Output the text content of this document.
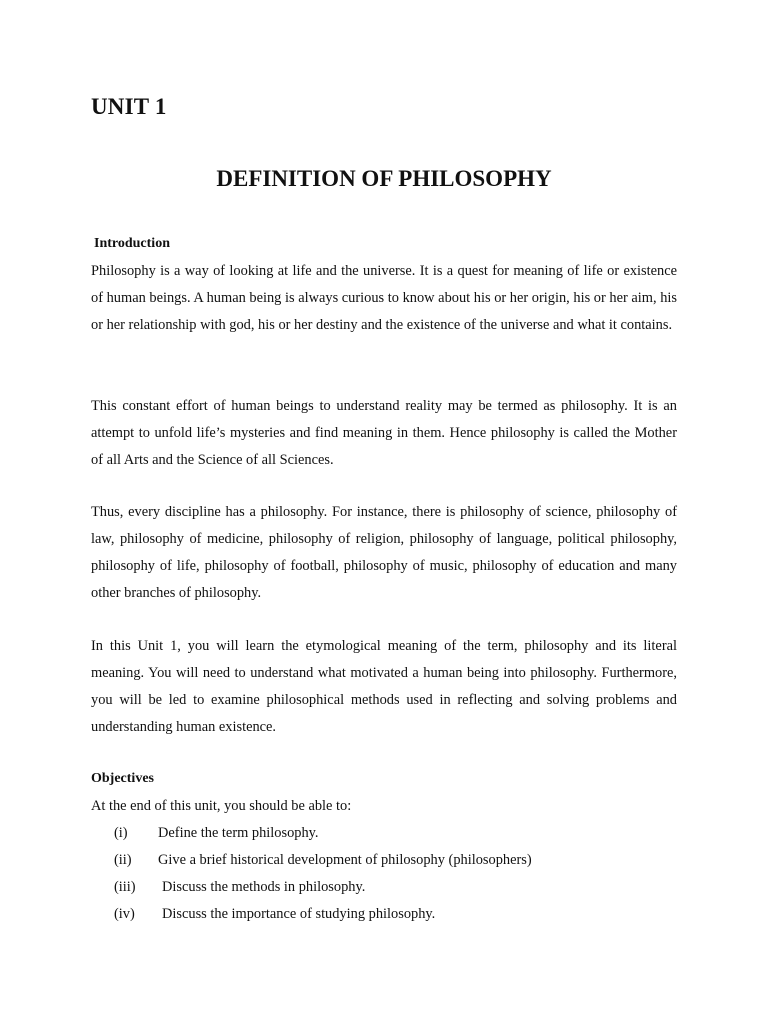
UNIT 1
DEFINITION OF PHILOSOPHY
Introduction

Philosophy is a way of looking at life and the universe. It is a quest for meaning of life or existence of human beings. A human being is always curious to know about his or her origin, his or her aim, his or her relationship with god, his or her destiny and the existence of the universe and what it contains.

This constant effort of human beings to understand reality may be termed as philosophy. It is an attempt to unfold life’s mysteries and find meaning in them. Hence philosophy is called the Mother of all Arts and the Science of all Sciences.

Thus, every discipline has a philosophy. For instance, there is philosophy of science, philosophy of law, philosophy of medicine, philosophy of religion, philosophy of language, political philosophy, philosophy of life, philosophy of football, philosophy of music, philosophy of education and many other branches of philosophy.

In this Unit 1, you will learn the etymological meaning of the term, philosophy and its literal meaning. You will need to understand what motivated a human being into philosophy. Furthermore, you will be led to examine philosophical methods used in reflecting and solving problems and understanding human existence.

Objectives

At the end of this unit, you should be able to:

(i) Define the term philosophy.
(ii) Give a brief historical development of philosophy (philosophers)
(iii) Discuss the methods in philosophy.
(iv) Discuss the importance of studying philosophy.
